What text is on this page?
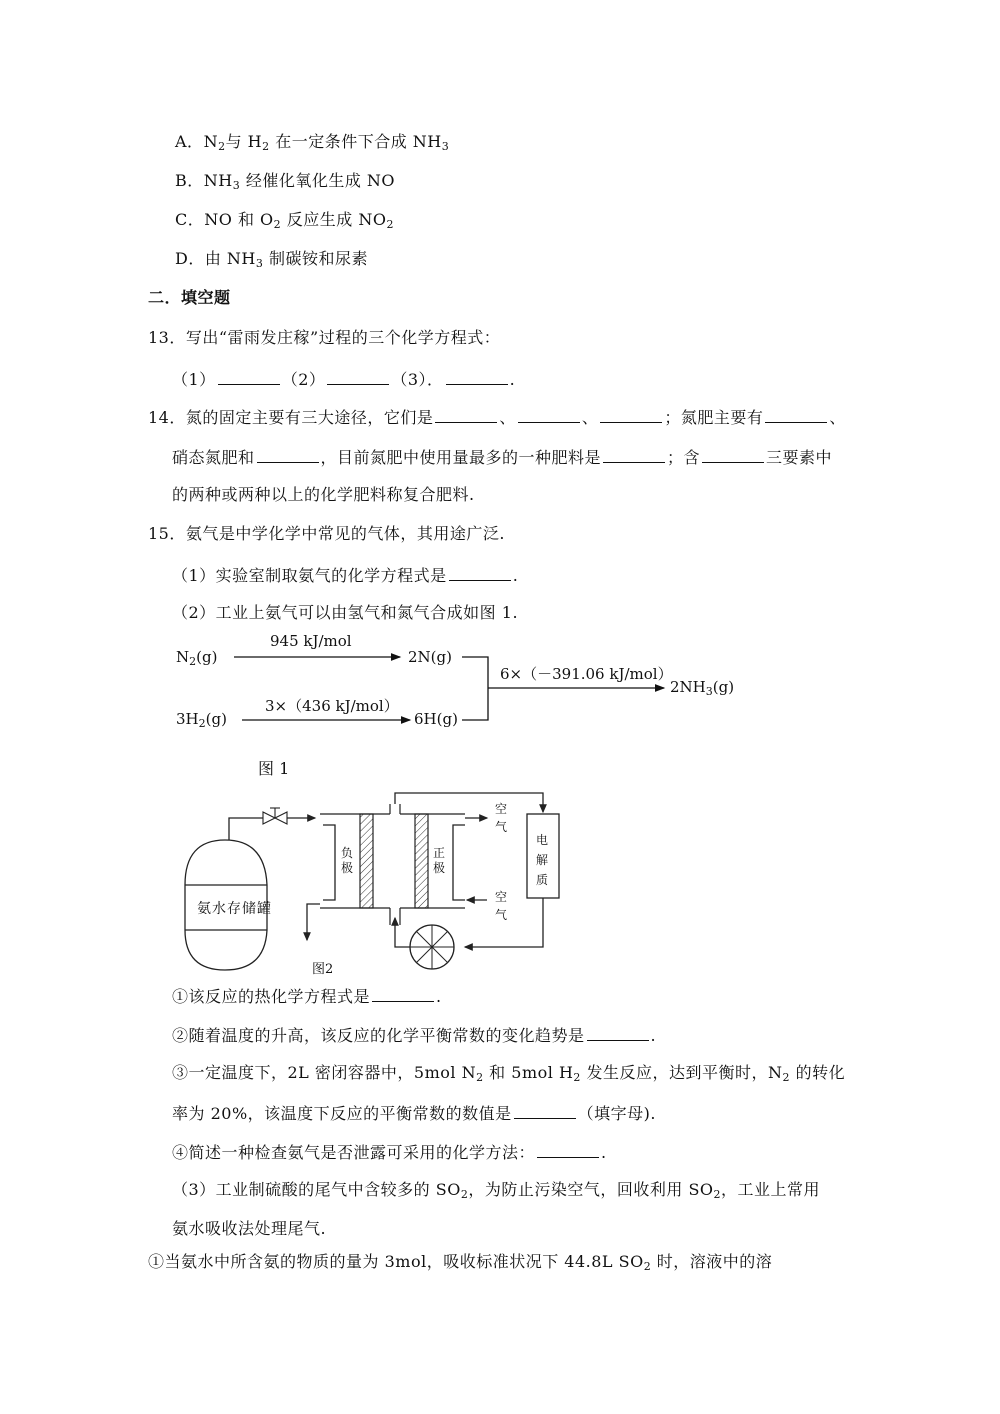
A．$N_2$与 $H_2$ 在一定条件下合成 $NH_3$
B．$NH_3$ 经催化氧化生成 NO
C．NO 和 $O_2$ 反应生成 $NO_2$
D．由 $NH_3$ 制碳铵和尿素
二．填空题
13．写出“雷雨发庄稼”过程的三个化学方程式：
（1）	（2）	（3）．	.
14．氮的固定主要有三大途径，它们是	、	、	；氮肥主要有	、
硝态氮肥和	，目前氮肥中使用量最多的一种肥料是	；含	三要素中
的两种或两种以上的化学肥料称复合肥料.
15．氨气是中学化学中常见的气体，其用途广泛.
（1）实验室制取氨气的化学方程式是	.
（2）工业上氨气可以由氢气和氮气合成如图 1.
$N_2(g)$
$3H_2(g)$
945 kJ/mol
3×（436 kJ/mol）
2N(g)
6H(g)
6×（－391.06 kJ/mol）
$2NH_3(g)$
图 1
氨水存储罐
负
极
正
极
空
气
空
气
电
解
质
图2
①该反应的热化学方程式是	.
②随着温度的升高，该反应的化学平衡常数的变化趋势是	.
③一定温度下，2L 密闭容器中，5mol $N_2$ 和 5mol $H_2$ 发生反应，达到平衡时，$N_2$ 的转化
率为 20%，该温度下反应的平衡常数的数值是	（填字母).
④简述一种检查氨气是否泄露可采用的化学方法：	.
（3）工业制硫酸的尾气中含较多的 $SO_2$，为防止污染空气，回收利用 $SO_2$，工业上常用
氨水吸收法处理尾气.
①当氨水中所含氨的物质的量为 3mol，吸收标准状况下 44.8L $SO_2$ 时，溶液中的溶
